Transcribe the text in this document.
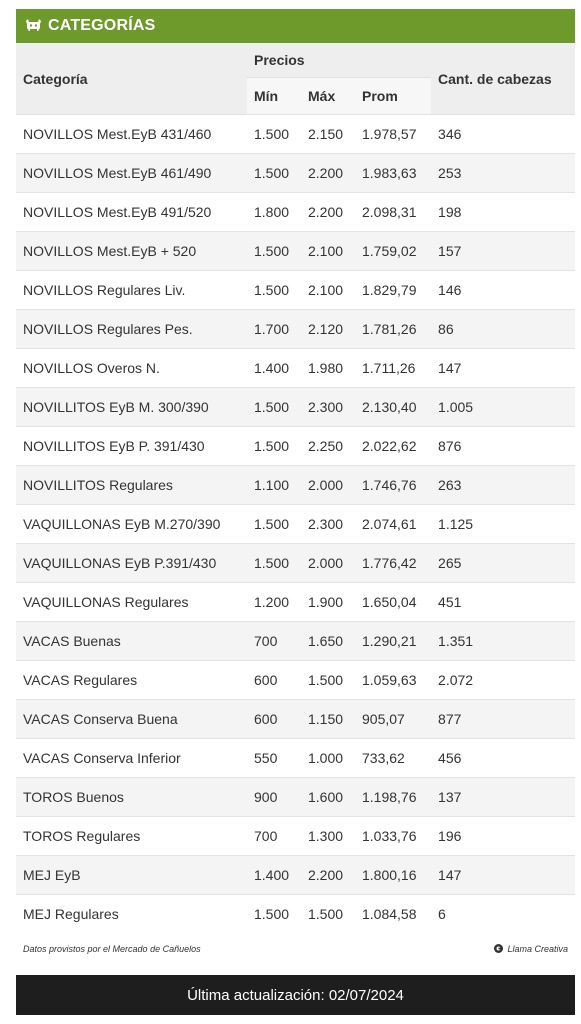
CATEGORÍAS
Categoría	Precios			Cant. de cabezas
	Mín	Máx	Prom	
NOVILLOS Mest.EyB 431/460	1.500	2.150	1.978,57	346
NOVILLOS Mest.EyB 461/490	1.500	2.200	1.983,63	253
NOVILLOS Mest.EyB 491/520	1.800	2.200	2.098,31	198
NOVILLOS Mest.EyB + 520	1.500	2.100	1.759,02	157
NOVILLOS Regulares Liv.	1.500	2.100	1.829,79	146
NOVILLOS Regulares Pes.	1.700	2.120	1.781,26	86
NOVILLOS Overos N.	1.400	1.980	1.711,26	147
NOVILLITOS EyB M. 300/390	1.500	2.300	2.130,40	1.005
NOVILLITOS EyB P. 391/430	1.500	2.250	2.022,62	876
NOVILLITOS Regulares	1.100	2.000	1.746,76	263
VAQUILLONAS EyB M.270/390	1.500	2.300	2.074,61	1.125
VAQUILLONAS EyB P.391/430	1.500	2.000	1.776,42	265
VAQUILLONAS Regulares	1.200	1.900	1.650,04	451
VACAS Buenas	700	1.650	1.290,21	1.351
VACAS Regulares	600	1.500	1.059,63	2.072
VACAS Conserva Buena	600	1.150	905,07	877
VACAS Conserva Inferior	550	1.000	733,62	456
TOROS Buenos	900	1.600	1.198,76	137
TOROS Regulares	700	1.300	1.033,76	196
MEJ EyB	1.400	2.200	1.800,16	147
MEJ Regulares	1.500	1.500	1.084,58	6
Datos provistos por el Mercado de Cañuelos	Llama Creativa
Última actualización: 02/07/2024
